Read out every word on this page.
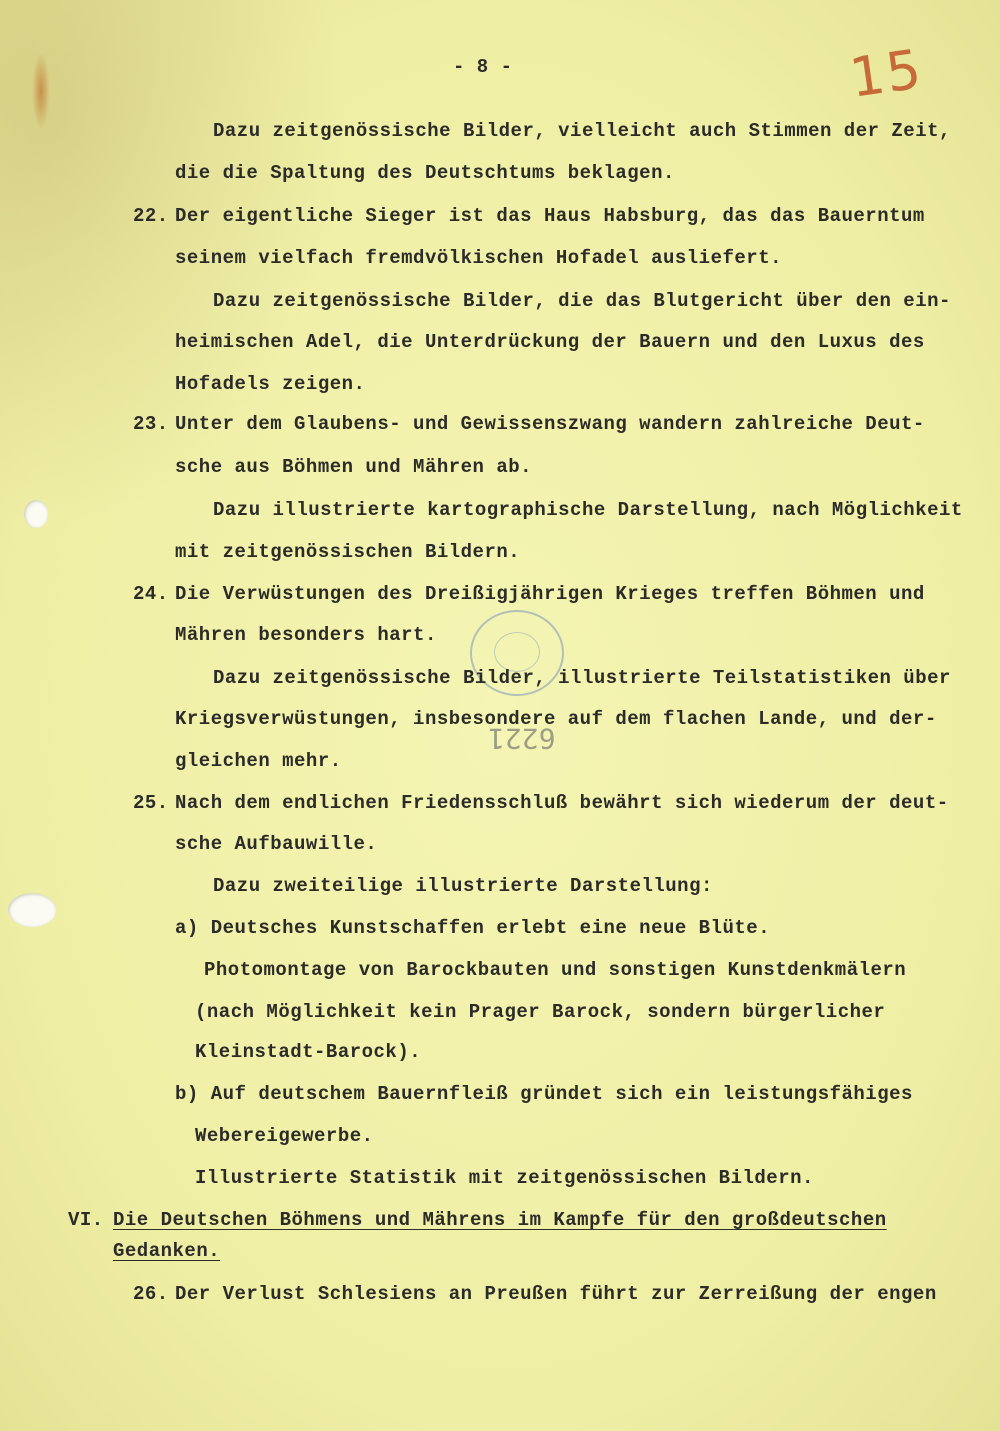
15
6221
- 8 -
Dazu zeitgenössische Bilder, vielleicht auch Stimmen der Zeit,
die die Spaltung des Deutschtums beklagen.
22. Der eigentliche Sieger ist das Haus Habsburg, das das Bauerntum
seinem vielfach fremdvölkischen Hofadel ausliefert.
Dazu zeitgenössische Bilder, die das Blutgericht über den ein-
heimischen Adel, die Unterdrückung der Bauern und den Luxus des
Hofadels zeigen.
23. Unter dem Glaubens- und Gewissenszwang wandern zahlreiche Deut-
sche aus Böhmen und Mähren ab.
Dazu illustrierte kartographische Darstellung, nach Möglichkeit
mit zeitgenössischen Bildern.
24. Die Verwüstungen des Dreißigjährigen Krieges treffen Böhmen und
Mähren besonders hart.
Dazu zeitgenössische Bilder, illustrierte Teilstatistiken über
Kriegsverwüstungen, insbesondere auf dem flachen Lande, und der-
gleichen mehr.
25. Nach dem endlichen Friedensschluß bewährt sich wiederum der deut-
sche Aufbauwille.
Dazu zweiteilige illustrierte Darstellung:
a) Deutsches Kunstschaffen erlebt eine neue Blüte.
Photomontage von Barockbauten und sonstigen Kunstdenkmälern
(nach Möglichkeit kein Prager Barock, sondern bürgerlicher
Kleinstadt-Barock).
b) Auf deutschem Bauernfleiß gründet sich ein leistungsfähiges
Webereigewerbe.
Illustrierte Statistik mit zeitgenössischen Bildern.
VI. Die Deutschen Böhmens und Mährens im Kampfe für den großdeutschen
Gedanken.
26. Der Verlust Schlesiens an Preußen führt zur Zerreißung der engen
